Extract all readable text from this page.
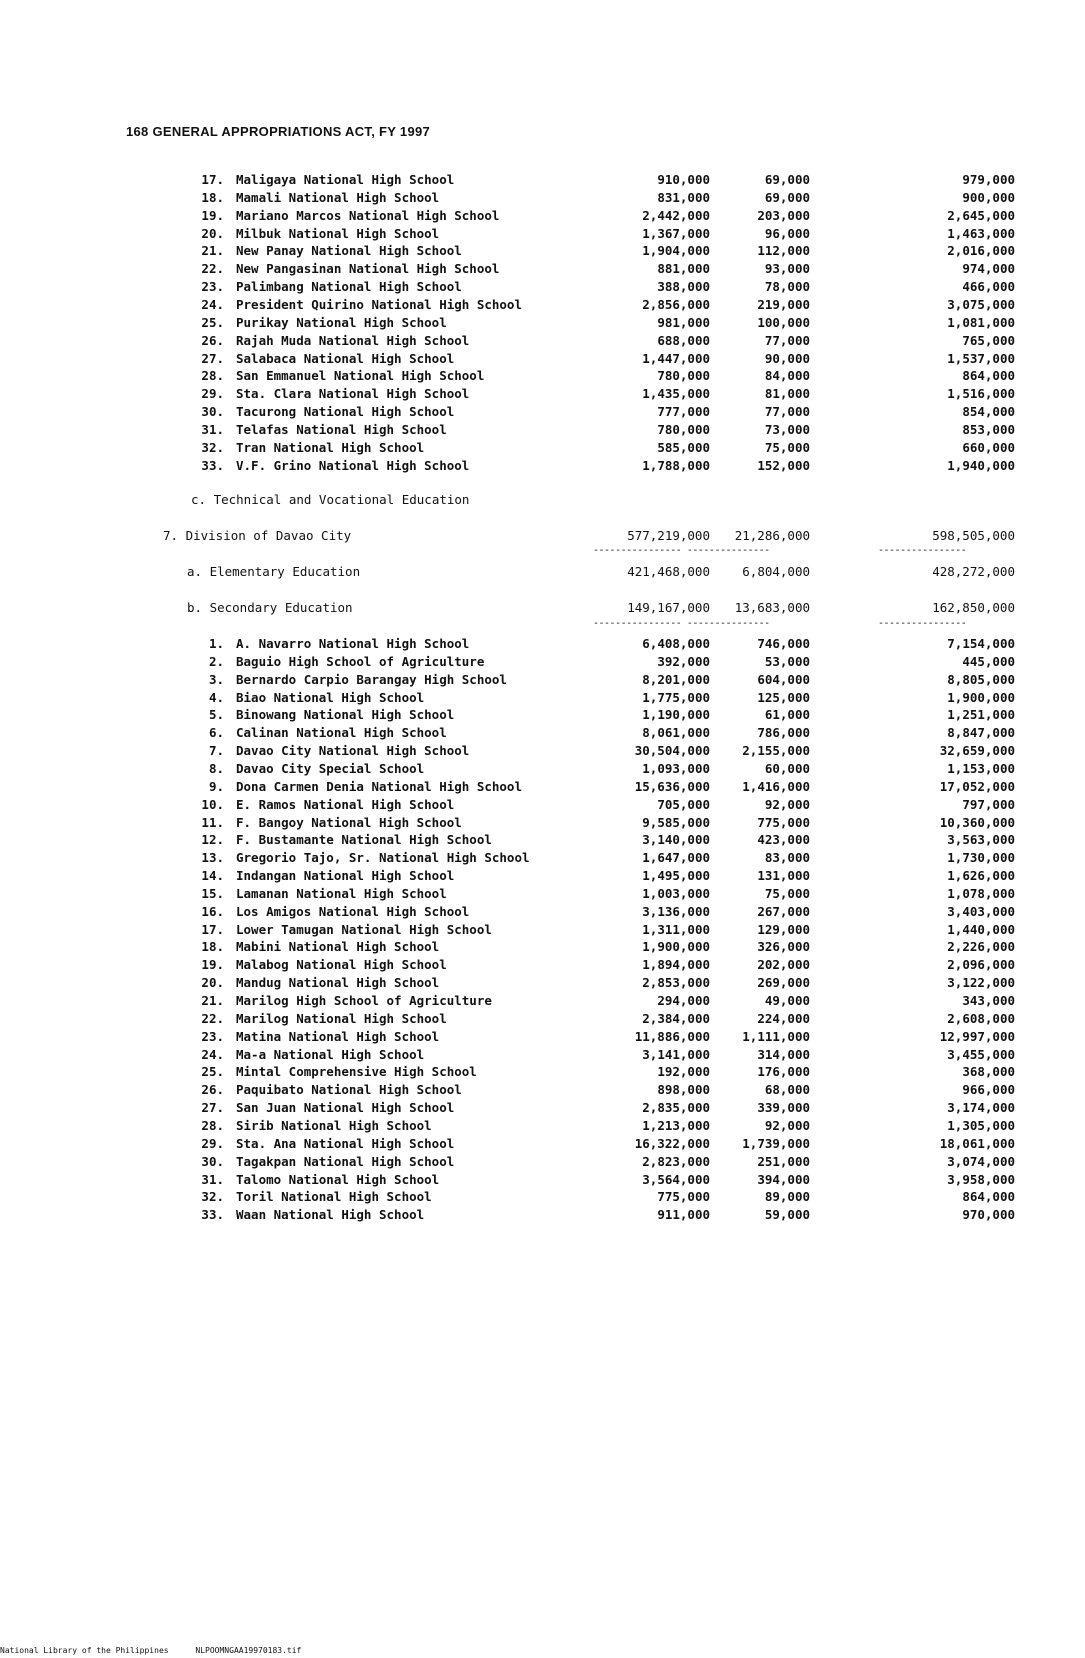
168 GENERAL APPROPRIATIONS ACT, FY 1997
17. Maligaya National High School	910,000	69,000	979,000
18. Mamali National High School	831,000	69,000	900,000
19. Mariano Marcos National High School	2,442,000	203,000	2,645,000
20. Milbuk National High School	1,367,000	96,000	1,463,000
21. New Panay National High School	1,904,000	112,000	2,016,000
22. New Pangasinan National High School	881,000	93,000	974,000
23. Palimbang National High School	388,000	78,000	466,000
24. President Quirino National High School	2,856,000	219,000	3,075,000
25. Purikay National High School	981,000	100,000	1,081,000
26. Rajah Muda National High School	688,000	77,000	765,000
27. Salabaca National High School	1,447,000	90,000	1,537,000
28. San Emmanuel National High School	780,000	84,000	864,000
29. Sta. Clara National High School	1,435,000	81,000	1,516,000
30. Tacurong National High School	777,000	77,000	854,000
31. Telafas National High School	780,000	73,000	853,000
32. Tran National High School	585,000	75,000	660,000
33. V.F. Grino National High School	1,788,000	152,000	1,940,000
c. Technical and Vocational Education
7. Division of Davao City	577,219,000	21,286,000	598,505,000
---------------- ---------------	----------------
a. Elementary Education	421,468,000	6,804,000	428,272,000
b. Secondary Education	149,167,000	13,683,000	162,850,000
---------------- ---------------	----------------
1. A. Navarro National High School	6,408,000	746,000	7,154,000
2. Baguio High School of Agriculture	392,000	53,000	445,000
3. Bernardo Carpio Barangay High School	8,201,000	604,000	8,805,000
4. Biao National High School	1,775,000	125,000	1,900,000
5. Binowang National High School	1,190,000	61,000	1,251,000
6. Calinan National High School	8,061,000	786,000	8,847,000
7. Davao City National High School	30,504,000	2,155,000	32,659,000
8. Davao City Special School	1,093,000	60,000	1,153,000
9. Dona Carmen Denia National High School	15,636,000	1,416,000	17,052,000
10. E. Ramos National High School	705,000	92,000	797,000
11. F. Bangoy National High School	9,585,000	775,000	10,360,000
12. F. Bustamante National High School	3,140,000	423,000	3,563,000
13. Gregorio Tajo, Sr. National High School	1,647,000	83,000	1,730,000
14. Indangan National High School	1,495,000	131,000	1,626,000
15. Lamanan National High School	1,003,000	75,000	1,078,000
16. Los Amigos National High School	3,136,000	267,000	3,403,000
17. Lower Tamugan National High School	1,311,000	129,000	1,440,000
18. Mabini National High School	1,900,000	326,000	2,226,000
19. Malabog National High School	1,894,000	202,000	2,096,000
20. Mandug National High School	2,853,000	269,000	3,122,000
21. Marilog High School of Agriculture	294,000	49,000	343,000
22. Marilog National High School	2,384,000	224,000	2,608,000
23. Matina National High School	11,886,000	1,111,000	12,997,000
24. Ma-a National High School	3,141,000	314,000	3,455,000
25. Mintal Comprehensive High School	192,000	176,000	368,000
26. Paquibato National High School	898,000	68,000	966,000
27. San Juan National High School	2,835,000	339,000	3,174,000
28. Sirib National High School	1,213,000	92,000	1,305,000
29. Sta. Ana National High School	16,322,000	1,739,000	18,061,000
30. Tagakpan National High School	2,823,000	251,000	3,074,000
31. Talomo National High School	3,564,000	394,000	3,958,000
32. Toril National High School	775,000	89,000	864,000
33. Waan National High School	911,000	59,000	970,000
National Library of the Philippines	NLPOOMNGAA19970183.tif
